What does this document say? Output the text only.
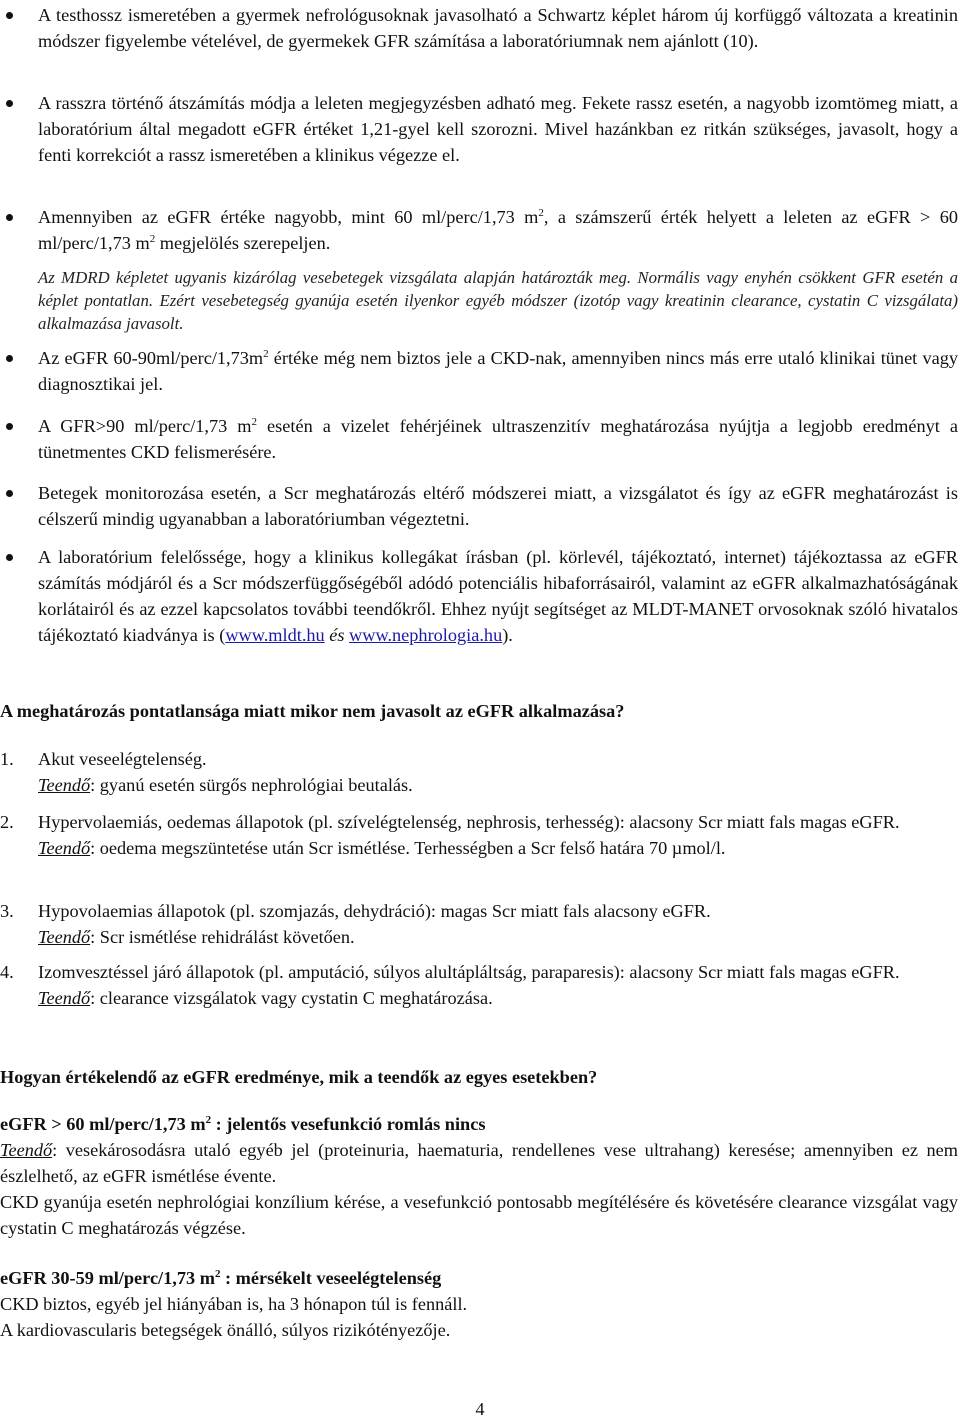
A testhossz ismeretében a gyermek nefrológusoknak javasolható a Schwartz képlet három új korfüggő változata a kreatinin módszer figyelembe vételével, de gyermekek GFR számítása a laboratóriumnak nem ajánlott (10).
A rasszra történő átszámítás módja a leleten megjegyzésben adható meg. Fekete rassz esetén, a nagyobb izomtömeg miatt, a laboratórium által megadott eGFR értéket 1,21-gyel kell szorozni. Mivel hazánkban ez ritkán szükséges, javasolt, hogy a fenti korrekciót a rassz ismeretében a klinikus végezze el.
Amennyiben az eGFR értéke nagyobb, mint 60 ml/perc/1,73 $m^2$, a számszerű érték helyett a leleten az eGFR > 60 ml/perc/1,73 $m^2$ megjelölés szerepeljen.
Az MDRD képletet ugyanis kizárólag vesebetegek vizsgálata alapján határozták meg. Normális vagy enyhén csökkent GFR esetén a képlet pontatlan. Ezért vesebetegség gyanúja esetén ilyenkor egyéb módszer (izotóp vagy kreatinin clearance, cystatin C vizsgálata) alkalmazása javasolt.
Az eGFR $60-90ml/perc/1,73m^2$ értéke még nem biztos jele a CKD-nak, amennyiben nincs más erre utaló klinikai tünet vagy diagnosztikai jel.
A GFR>90 ml/perc/1,73 $m^2$ esetén a vizelet fehérjéinek ultraszenzitív meghatározása nyújtja a legjobb eredményt a tünetmentes CKD felismerésére.
Betegek monitorozása esetén, a Scr meghatározás eltérő módszerei miatt, a vizsgálatot és így az eGFR meghatározást is célszerű mindig ugyanabban a laboratóriumban végeztetni.
A laboratórium felelőssége, hogy a klinikus kollegákat írásban (pl. körlevél, tájékoztató, internet) tájékoztassa az eGFR számítás módjáról és a Scr módszerfüggőségéből adódó potenciális hibaforrásairól, valamint az eGFR alkalmazhatóságának korlátairól és az ezzel kapcsolatos további teendőkről. Ehhez nyújt segítséget az MLDT-MANET orvosoknak szóló hivatalos tájékoztató kiadványa is (www.mldt.hu és www.nephrologia.hu).
A meghatározás pontatlansága miatt mikor nem javasolt az eGFR alkalmazása?
1.	Akut veseelégtelenség.
Teendő: gyanú esetén sürgős nephrológiai beutalás.
2.	Hypervolaemiás, oedemas állapotok (pl. szívelégtelenség, nephrosis, terhesség): alacsony Scr miatt fals magas eGFR.
Teendő: oedema megszüntetése után Scr ismétlése. Terhességben a Scr felső határa 70 µmol/l.
3.	Hypovolaemias állapotok (pl. szomjazás, dehydráció): magas Scr miatt fals alacsony eGFR.
Teendő: Scr ismétlése rehidrálást követően.
4.	Izomvesztéssel járó állapotok (pl. amputáció, súlyos alultápláltság, paraparesis): alacsony Scr miatt fals magas eGFR.
Teendő: clearance vizsgálatok vagy cystatin C meghatározása.
Hogyan értékelendő az eGFR eredménye, mik a teendők az egyes esetekben?
eGFR > 60 ml/perc/1,73 $m^2$ : jelentős vesefunkció romlás nincs
Teendő: vesekárosodásra utaló egyéb jel (proteinuria, haematuria, rendellenes vese ultrahang) keresése; amennyiben ez nem észlelhető, az eGFR ismétlése évente.
CKD gyanúja esetén nephrológiai konzílium kérése, a vesefunkció pontosabb megítélésére és követésére clearance vizsgálat vagy cystatin C meghatározás végzése.
eGFR 30-59 ml/perc/1,73 $m^2$ : mérsékelt veseelégtelenség
CKD biztos, egyéb jel hiányában is, ha 3 hónapon túl is fennáll.
A kardiovascularis betegségek önálló, súlyos rizikótényezője.
4
